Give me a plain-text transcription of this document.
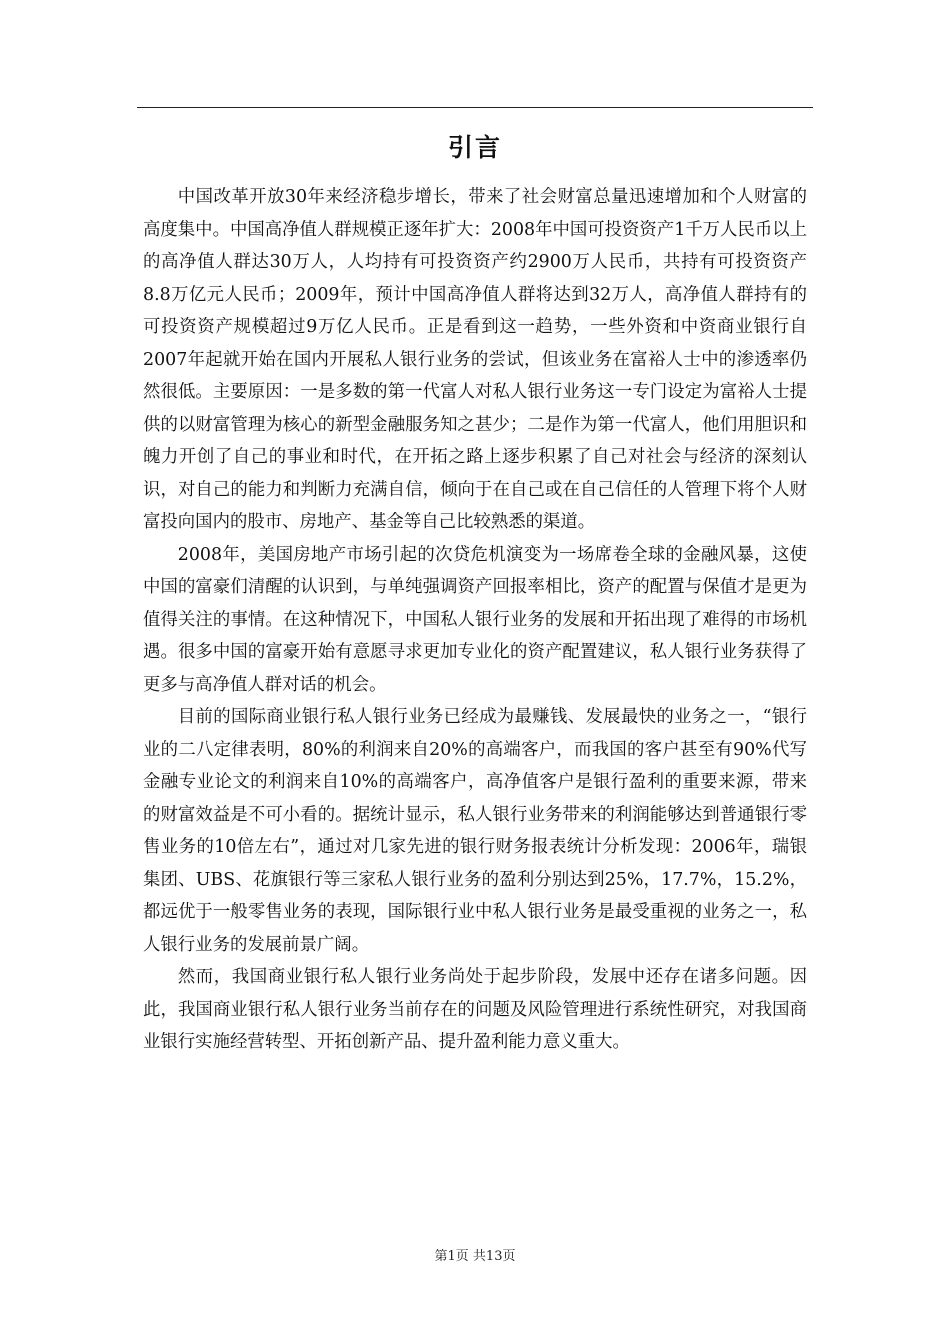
引言

中国改革开放30年来经济稳步增长，带来了社会财富总量迅速增加和个人财富的高度集中。中国高净值人群规模正逐年扩大：2008年中国可投资资产1千万人民币以上的高净值人群达30万人，人均持有可投资资产约2900万人民币，共持有可投资资产8.8万亿元人民币；2009年，预计中国高净值人群将达到32万人，高净值人群持有的可投资资产规模超过9万亿人民币。正是看到这一趋势，一些外资和中资商业银行自2007年起就开始在国内开展私人银行业务的尝试，但该业务在富裕人士中的渗透率仍然很低。主要原因：一是多数的第一代富人对私人银行业务这一专门设定为富裕人士提供的以财富管理为核心的新型金融服务知之甚少；二是作为第一代富人，他们用胆识和魄力开创了自己的事业和时代，在开拓之路上逐步积累了自己对社会与经济的深刻认识，对自己的能力和判断力充满自信，倾向于在自己或在自己信任的人管理下将个人财富投向国内的股市、房地产、基金等自己比较熟悉的渠道。

2008年，美国房地产市场引起的次贷危机演变为一场席卷全球的金融风暴，这使中国的富豪们清醒的认识到，与单纯强调资产回报率相比，资产的配置与保值才是更为值得关注的事情。在这种情况下，中国私人银行业务的发展和开拓出现了难得的市场机遇。很多中国的富豪开始有意愿寻求更加专业化的资产配置建议，私人银行业务获得了更多与高净值人群对话的机会。

目前的国际商业银行私人银行业务已经成为最赚钱、发展最快的业务之一，“银行业的二八定律表明，80%的利润来自20%的高端客户，而我国的客户甚至有90%代写金融专业论文的利润来自10%的高端客户，高净值客户是银行盈利的重要来源，带来的财富效益是不可小看的。据统计显示，私人银行业务带来的利润能够达到普通银行零售业务的10倍左右”，通过对几家先进的银行财务报表统计分析发现：2006年，瑞银集团、UBS、花旗银行等三家私人银行业务的盈利分别达到25%，17.7%，15.2%，都远优于一般零售业务的表现，国际银行业中私人银行业务是最受重视的业务之一，私人银行业务的发展前景广阔。

然而，我国商业银行私人银行业务尚处于起步阶段，发展中还存在诸多问题。因此，我国商业银行私人银行业务当前存在的问题及风险管理进行系统性研究，对我国商业银行实施经营转型、开拓创新产品、提升盈利能力意义重大。

第1页 共13页
